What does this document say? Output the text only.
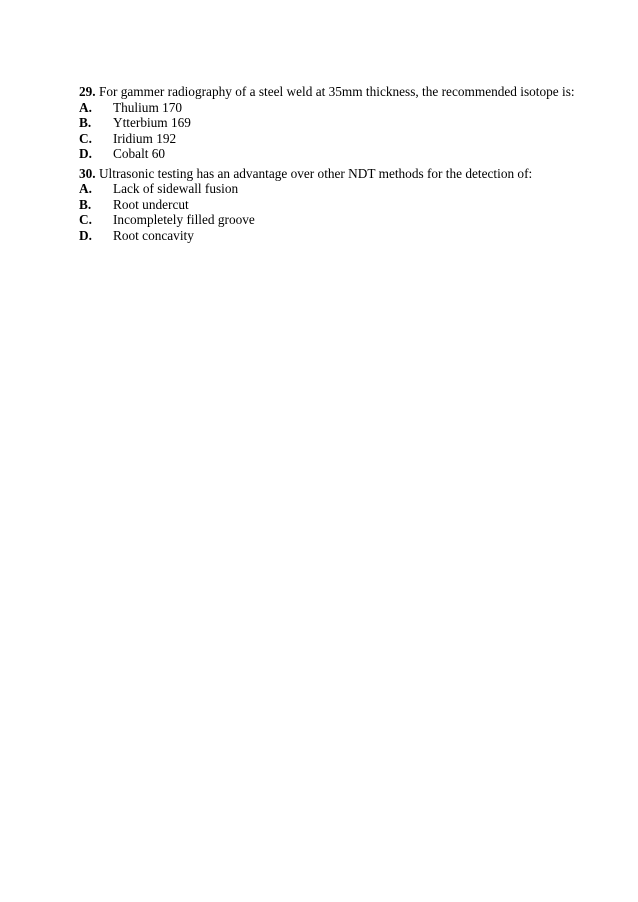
29. For gammer radiography of a steel weld at 35mm thickness, the recommended isotope is:
A.	Thulium 170
B.	Ytterbium 169
C.	Iridium 192
D.	Cobalt 60
30. Ultrasonic testing has an advantage over other NDT methods for the detection of:
A.	Lack of sidewall fusion
B.	Root undercut
C.	Incompletely filled groove
D.	Root concavity
